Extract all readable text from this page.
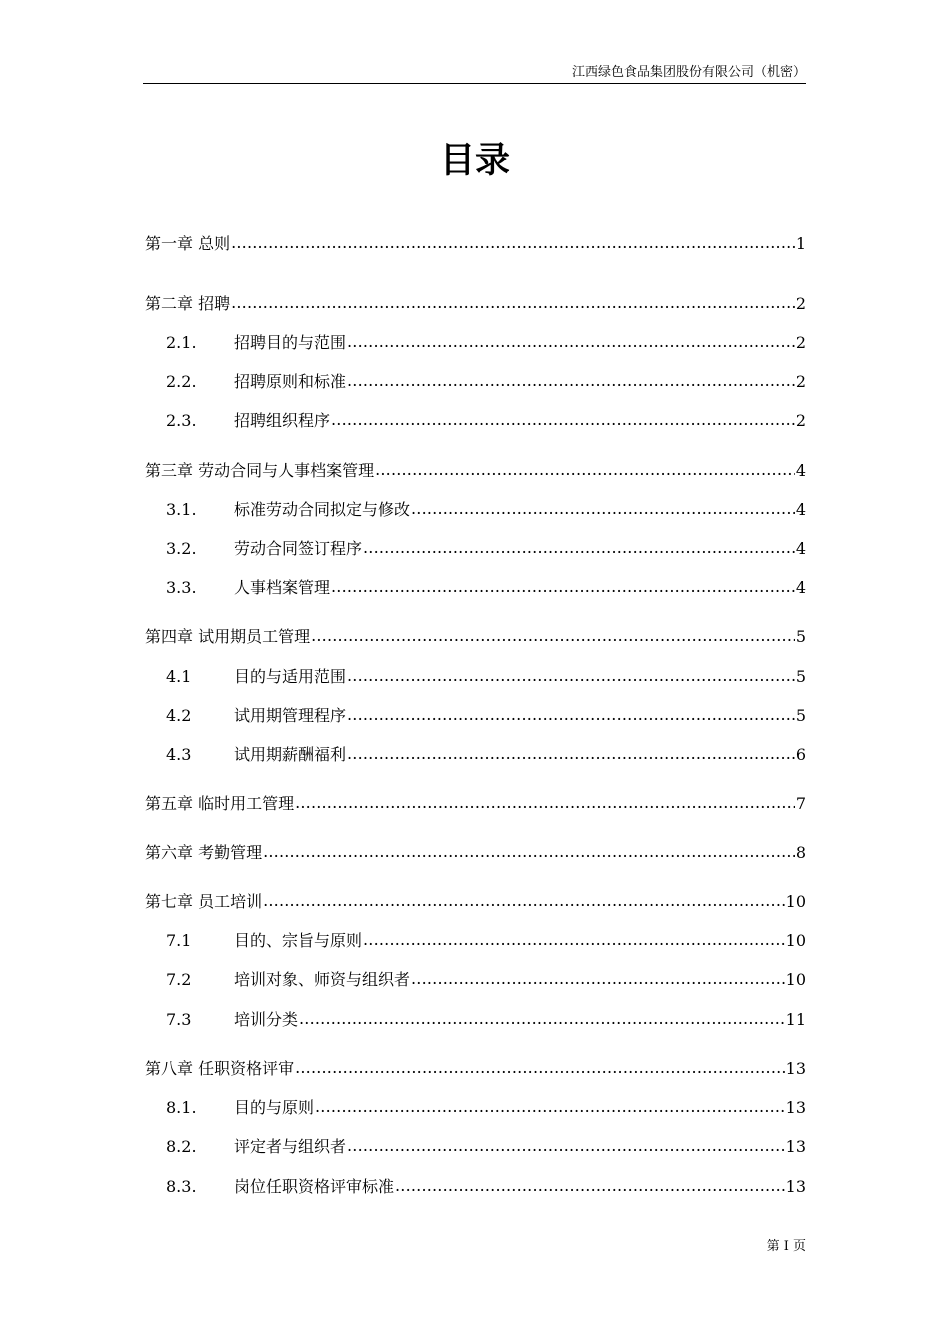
江西绿色食品集团股份有限公司（机密）
目录
第一章 总则 .....	1
第二章 招聘 .....	2
2.1.	招聘目的与范围 .....	2
2.2.	招聘原则和标准 .....	2
2.3.	招聘组织程序 .....	2
第三章 劳动合同与人事档案管理 .....	4
3.1.	标准劳动合同拟定与修改 .....	4
3.2.	劳动合同签订程序 .....	4
3.3.	人事档案管理 .....	4
第四章 试用期员工管理 .....	5
4.1	目的与适用范围 .....	5
4.2	试用期管理程序 .....	5
4.3	试用期薪酬福利 .....	6
第五章 临时用工管理 .....	7
第六章 考勤管理 .....	8
第七章 员工培训 .....	10
7.1	目的、宗旨与原则 .....	10
7.2	培训对象、师资与组织者 .....	10
7.3	培训分类 .....	11
第八章 任职资格评审 .....	13
8.1.	目的与原则 .....	13
8.2.	评定者与组织者 .....	13
8.3.	岗位任职资格评审标准 .....	13
第 I 页
